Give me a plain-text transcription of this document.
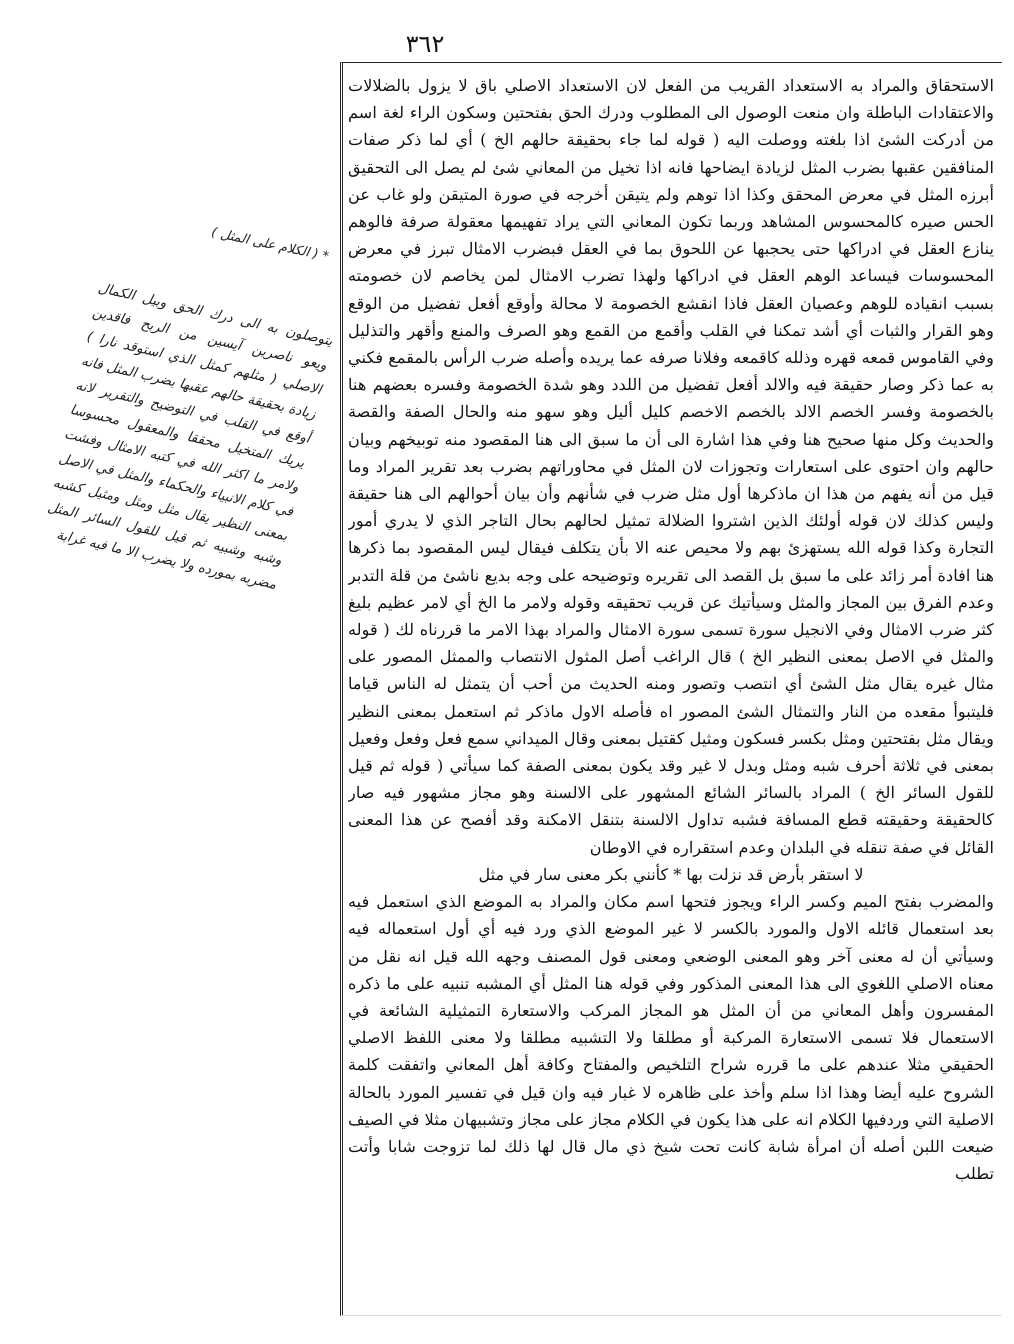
٣٦٢
* ( الكلام على المثل )
يتوصلون به الى درك الحق وبيل الكمال ويعو ناصرين آيسين من الربح فاقدين الاصلي ( مثلهم كمثل الذي استوقد نارا ) زيادة بحقيقة حالهم عقبها بضرب المثل فانه أوقع في القلب في التوضيح والتقرير لانه يريك المتخيل محققا والمعقول محسوسا ولامر ما اكثر الله في كتبه الامثال وفشت في كلام الانبياء والحكماء والمثل في الاصل بمعنى النظير يقال مثل ومثل ومثيل كشبه وشبه وشبيه ثم قيل للقول السائر المثل مضربه بمورده ولا يضرب الا ما فيه غرابة

الاستحقاق والمراد به الاستعداد القريب من الفعل لان الاستعداد الاصلي باق لا يزول بالضلالات والاعتقادات الباطلة وان منعت الوصول الى المطلوب ودرك الحق بفتحتين وسكون الراء لغة اسم من أدركت الشئ اذا بلغته ووصلت اليه ( قوله لما جاء بحقيقة حالهم الخ ) أي لما ذكر صفات المنافقين عقبها بضرب المثل لزيادة ايضاحها فانه اذا تخيل من المعاني شئ لم يصل الى التحقيق أبرزه المثل في معرض المحقق وكذا اذا توهم ولم يتيقن أخرجه في صورة المتيقن ولو غاب عن الحس صيره كالمحسوس المشاهد وربما تكون المعاني التي يراد تفهيمها معقولة صرفة فالوهم ينازع العقل في ادراكها حتى يحجبها عن اللحوق بما في العقل فبضرب الامثال تبرز في معرض المحسوسات فيساعد الوهم العقل في ادراكها ولهذا تضرب الامثال لمن يخاصم لان خصومته بسبب انقياده للوهم وعصيان العقل فاذا انقشع الخصومة لا محالة وأوقع أفعل تفضيل من الوقع وهو القرار والثبات أي أشد تمكنا في القلب وأقمع من القمع وهو الصرف والمنع وأقهر والتذليل وفي القاموس قمعه قهره وذلله كاقمعه وفلانا صرفه عما يريده وأصله ضرب الرأس بالمقمع فكني به عما ذكر وصار حقيقة فيه والالد أفعل تفضيل من اللدد وهو شدة الخصومة وفسره بعضهم هنا بالخصومة وفسر الخصم الالد بالخصم الاخصم كليل أليل وهو سهو منه والحال الصفة والقصة والحديث وكل منها صحيح هنا وفي هذا اشارة الى أن ما سبق الى هنا المقصود منه توبيخهم وبيان حالهم وان احتوى على استعارات وتجوزات لان المثل في محاوراتهم بضرب بعد تقرير المراد وما قيل من أنه يفهم من هذا ان ماذكرها أول مثل ضرب في شأنهم وأن بيان أحوالهم الى هنا حقيقة وليس كذلك لان قوله أولئك الذين اشتروا الضلالة تمثيل لحالهم بحال التاجر الذي لا يدري أمور التجارة وكذا قوله الله يستهزئ بهم ولا محيص عنه الا بأن يتكلف فيقال ليس المقصود بما ذكرها هنا افادة أمر زائد على ما سبق بل القصد الى تقريره وتوضيحه على وجه بديع ناشئ من قلة التدبر وعدم الفرق بين المجاز والمثل وسيأتيك عن قريب تحقيقه وقوله ولامر ما الخ أي لامر عظيم بليغ كثر ضرب الامثال وفي الانجيل سورة تسمى سورة الامثال والمراد بهذا الامر ما قررناه لك ( قوله والمثل في الاصل بمعنى النظير الخ ) قال الراغب أصل المثول الانتصاب والممثل المصور على مثال غيره يقال مثل الشئ أي انتصب وتصور ومنه الحديث من أحب أن يتمثل له الناس قياما فليتبوأ مقعده من النار والتمثال الشئ المصور اه فأصله الاول ماذكر ثم استعمل بمعنى النظير ويقال مثل بفتحتين ومثل بكسر فسكون ومثيل كقتيل بمعنى وقال الميداني سمع فعل وفعل وفعيل بمعنى في ثلاثة أحرف شبه ومثل وبدل لا غير وقد يكون بمعنى الصفة كما سيأتي ( قوله ثم قيل للقول السائر الخ ) المراد بالسائر الشائع المشهور على الالسنة وهو مجاز مشهور فيه صار كالحقيقة وحقيقته قطع المسافة فشبه تداول الالسنة بتنقل الامكنة وقد أفصح عن هذا المعنى القائل في صفة تنقله في البلدان وعدم استقراره في الاوطان

لا استقر بأرض قد نزلت بها * كأنني بكر معنى سار في مثل

والمضرب بفتح الميم وكسر الراء ويجوز فتحها اسم مكان والمراد به الموضع الذي استعمل فيه بعد استعمال قائله الاول والمورد بالكسر لا غير الموضع الذي ورد فيه أي أول استعماله فيه وسيأتي أن له معنى آخر وهو المعنى الوضعي ومعنى قول المصنف وجهه الله قيل انه نقل من معناه الاصلي اللغوي الى هذا المعنى المذكور وفي قوله هنا المثل أي المشبه تنبيه على ما ذكره المفسرون وأهل المعاني من أن المثل هو المجاز المركب والاستعارة التمثيلية الشائعة في الاستعمال فلا تسمى الاستعارة المركبة أو مطلقا ولا التشبيه مطلقا ولا معنى اللفظ الاصلي الحقيقي مثلا عندهم على ما قرره شراح التلخيص والمفتاح وكافة أهل المعاني واتفقت كلمة الشروح عليه أيضا وهذا اذا سلم وأخذ على ظاهره لا غبار فيه وان قيل في تفسير المورد بالحالة الاصلية التي وردفيها الكلام انه على هذا يكون في الكلام مجاز على مجاز وتشبيهان مثلا في الصيف ضيعت اللبن أصله أن امرأة شابة كانت تحت شيخ ذي مال قال لها ذلك لما تزوجت شابا وأتت تطلب
